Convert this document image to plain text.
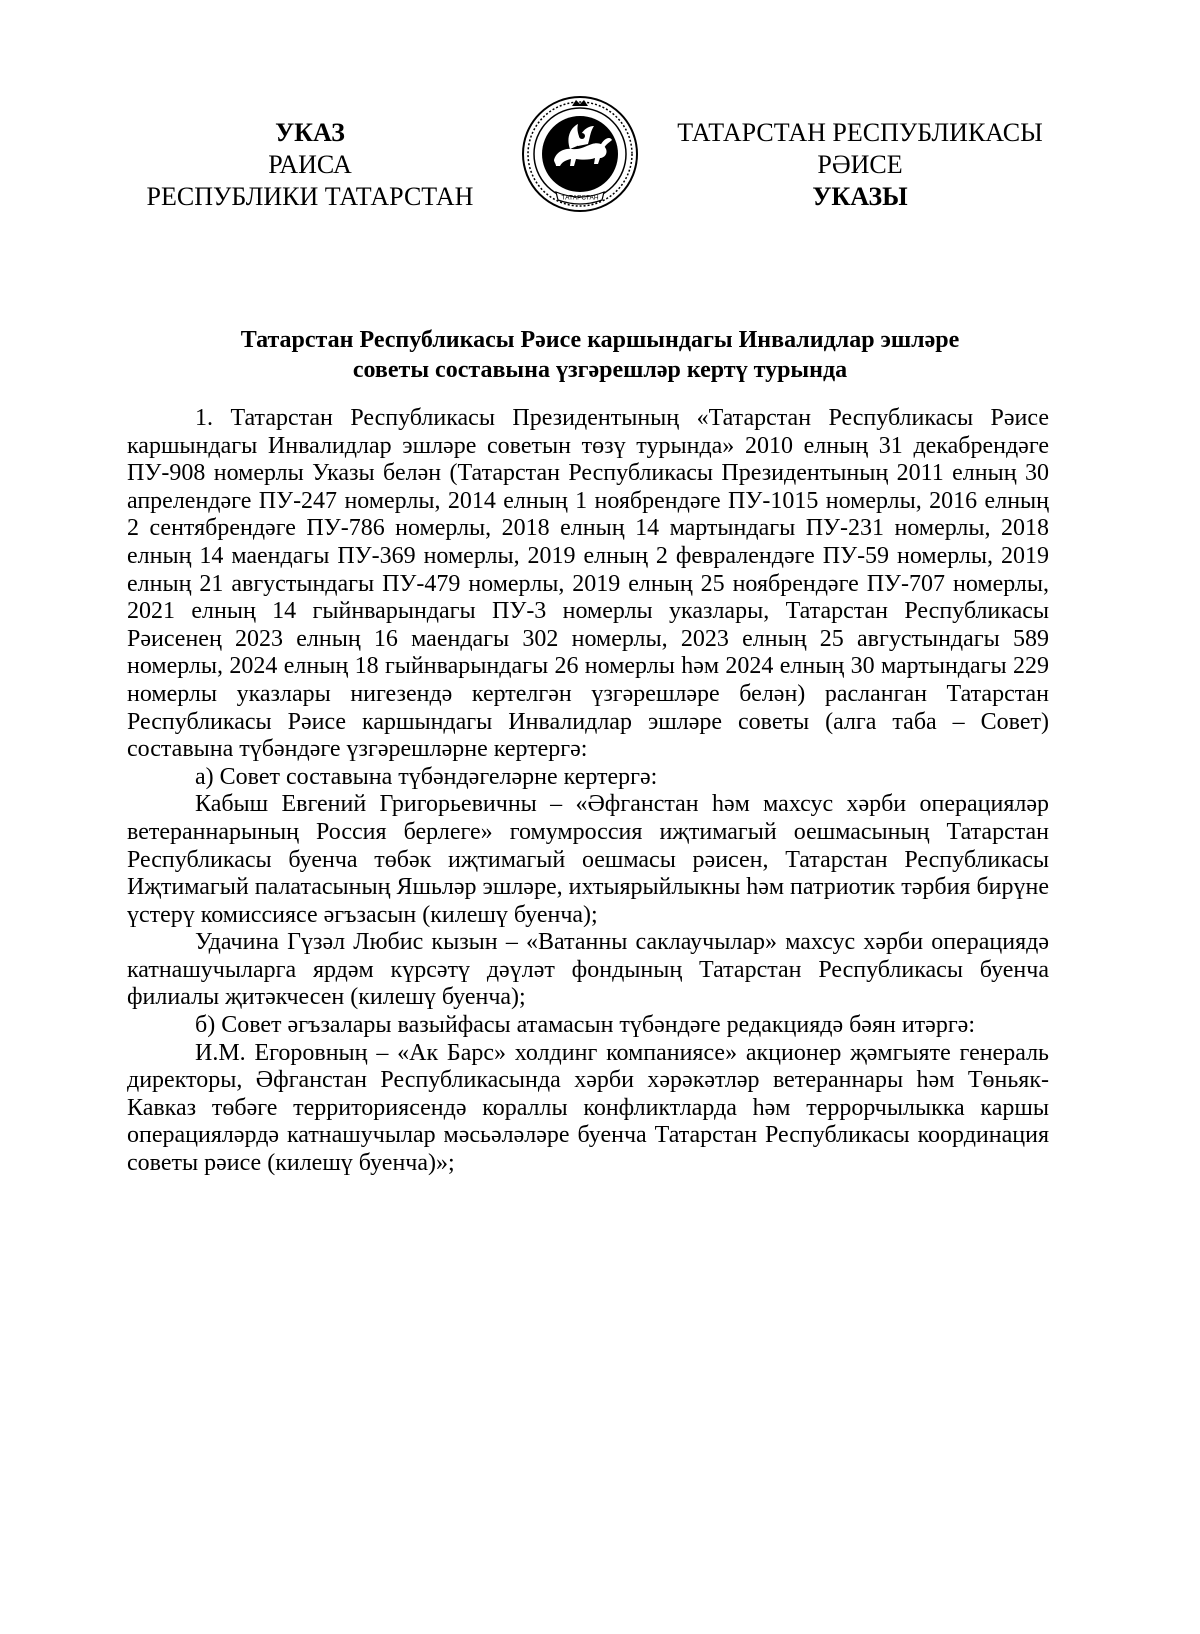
УКАЗ
РАИСА
РЕСПУБЛИКИ ТАТАРСТАН	ТАТАРСТАН
ТАТАРСТАН РЕСПУБЛИКАСЫ
РӘИСЕ
УКАЗЫ
Татарстан Республикасы Рәисе каршындагы Инвалидлар эшләре
советы составына үзгәрешләр кертү турында

1. Татарстан Республикасы Президентының «Татарстан Республикасы Рәисе каршындагы Инвалидлар эшләре советын төзү турында» 2010 елның 31 декабрендәге ПУ-908 номерлы Указы белән (Татарстан Республикасы Президентының 2011 елның 30 апрелендәге ПУ-247 номерлы, 2014 елның 1 ноябрендәге ПУ-1015 номерлы, 2016 елның 2 сентябрендәге ПУ-786 номерлы, 2018 елның 14 мартындагы ПУ-231 номерлы, 2018 елның 14 маендагы ПУ-369 номерлы, 2019 елның 2 февралендәге ПУ-59 номерлы, 2019 елның 21 августындагы ПУ-479 номерлы, 2019 елның 25 ноябрендәге ПУ-707 номерлы, 2021 елның 14 гыйнварындагы ПУ-3 номерлы указлары, Татарстан Республикасы Рәисенең 2023 елның 16 маендагы 302 номерлы, 2023 елның 25 августындагы 589 номерлы, 2024 елның 18 гыйнварындагы 26 номерлы һәм 2024 елның 30 мартындагы 229 номерлы указлары нигезендә кертелгән үзгәрешләре белән) расланган Татарстан Республикасы Рәисе каршындагы Инвалидлар эшләре советы (алга таба – Совет) составына түбәндәге үзгәрешләрне кертергә:

а) Совет составына түбәндәгеләрне кертергә:

Кабыш Евгений Григорьевичны – «Әфганстан һәм махсус хәрби операцияләр ветераннарының Россия берлеге» гомумроссия иҗтимагый оешмасының Татарстан Республикасы буенча төбәк иҗтимагый оешмасы рәисен, Татарстан Республикасы Иҗтимагый палатасының Яшьләр эшләре, ихтыярыйлыкны һәм патриотик тәрбия бирүне үстерү комиссиясе әгъзасын (килешү буенча);

Удачина Гүзәл Любис кызын – «Ватанны саклаучылар» махсус хәрби операциядә катнашучыларга ярдәм күрсәтү дәүләт фондының Татарстан Республикасы буенча филиалы җитәкчесен (килешү буенча);

б) Совет әгъзалары вазыйфасы атамасын түбәндәге редакциядә бәян итәргә:

И.М. Егоровның – «Ак Барс» холдинг компаниясе» акционер җәмгыяте генераль директоры, Әфганстан Республикасында хәрби хәрәкәтләр ветераннары һәм Төньяк-Кавказ төбәге территориясендә кораллы конфликтларда һәм террорчылыкка каршы операцияләрдә катнашучылар мәсьәләләре буенча Татарстан Республикасы координация советы рәисе (килешү буенча)»;
